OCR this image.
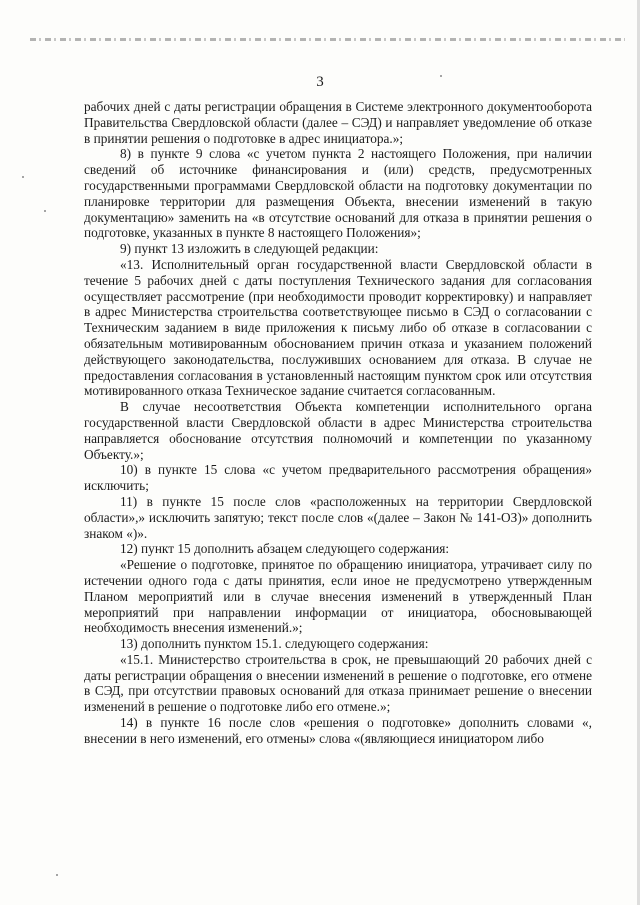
3

рабочих дней с даты регистрации обращения в Системе электронного документооборота Правительства Свердловской области (далее – СЭД) и направляет уведомление об отказе в принятии решения о подготовке в адрес инициатора.»;

8) в пункте 9 слова «с учетом пункта 2 настоящего Положения, при наличии сведений об источнике финансирования и (или) средств, предусмотренных государственными программами Свердловской области на подготовку документации по планировке территории для размещения Объекта, внесении изменений в такую документацию» заменить на «в отсутствие оснований для отказа в принятии решения о подготовке, указанных в пункте 8 настоящего Положения»;

9) пункт 13 изложить в следующей редакции:

«13. Исполнительный орган государственной власти Свердловской области в течение 5 рабочих дней с даты поступления Технического задания для согласования осуществляет рассмотрение (при необходимости проводит корректировку) и направляет в адрес Министерства строительства соответствующее письмо в СЭД о согласовании с Техническим заданием в виде приложения к письму либо об отказе в согласовании с обязательным мотивированным обоснованием причин отказа и указанием положений действующего законодательства, послуживших основанием для отказа. В случае не предоставления согласования в установленный настоящим пунктом срок или отсутствия мотивированного отказа Техническое задание считается согласованным.

В случае несоответствия Объекта компетенции исполнительного органа государственной власти Свердловской области в адрес Министерства строительства направляется обоснование отсутствия полномочий и компетенции по указанному Объекту.»;

10) в пункте 15 слова «с учетом предварительного рассмотрения обращения» исключить;

11) в пункте 15 после слов «расположенных на территории Свердловской области»,» исключить запятую; текст после слов «(далее – Закон № 141-ОЗ)» дополнить знаком «)».

12) пункт 15 дополнить абзацем следующего содержания:

«Решение о подготовке, принятое по обращению инициатора, утрачивает силу по истечении одного года с даты принятия, если иное не предусмотрено утвержденным Планом мероприятий или в случае внесения изменений в утвержденный План мероприятий при направлении информации от инициатора, обосновывающей необходимость внесения изменений.»;

13) дополнить пунктом 15.1. следующего содержания:

«15.1. Министерство строительства в срок, не превышающий 20 рабочих дней с даты регистрации обращения о внесении изменений в решение о подготовке, его отмене в СЭД, при отсутствии правовых оснований для отказа принимает решение о внесении изменений в решение о подготовке либо его отмене.»;

14) в пункте 16 после слов «решения о подготовке» дополнить словами «, внесении в него изменений, его отмены» слова «(являющиеся инициатором либо
